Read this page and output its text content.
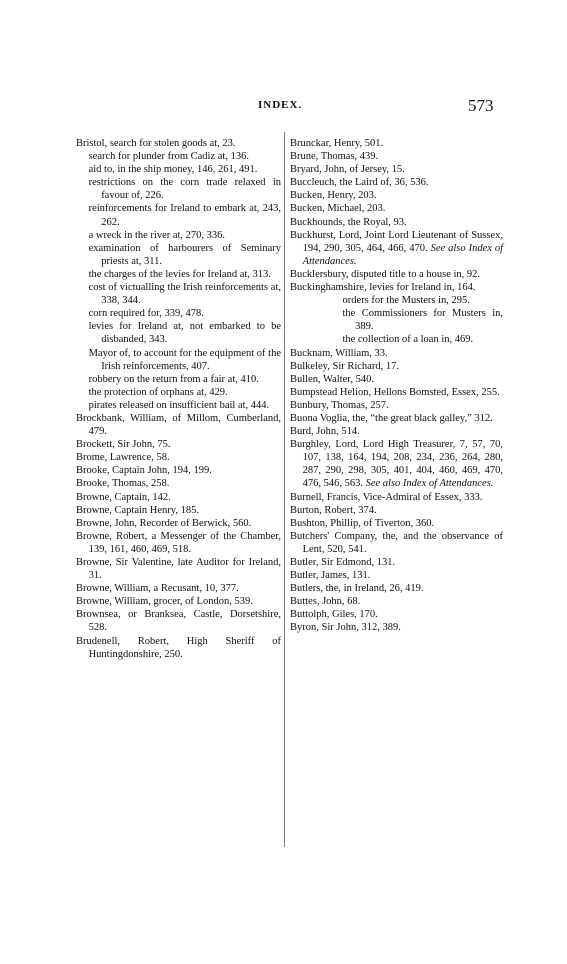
INDEX.	573
Bristol, search for stolen goods at, 23.
search for plunder from Cadiz at, 136.
aid to, in the ship money, 146, 261, 491.
restrictions on the corn trade relaxed in favour of, 226.
reinforcements for Ireland to embark at, 243, 262.
a wreck in the river at, 270, 336.
examination of harbourers of Seminary priests at, 311.
the charges of the levies for Ireland at, 313.
cost of victualling the Irish reinforcements at, 338, 344.
corn required for, 339, 478.
levies for Ireland at, not embarked to be disbanded, 343.
Mayor of, to account for the equipment of the Irish reinforcements, 407.
robbery on the return from a fair at, 410.
the protection of orphans at, 429.
pirates released on insufficient bail at, 444.
Brockbank, William, of Millom, Cumberland, 479.
Brockett, Sir John, 75.
Brome, Lawrence, 58.
Brooke, Captain John, 194, 199.
Brooke, Thomas, 258.
Browne, Captain, 142.
Browne, Captain Henry, 185.
Browne, John, Recorder of Berwick, 560.
Browne, Robert, a Messenger of the Chamber, 139, 161, 460, 469, 518.
Browne, Sir Valentine, late Auditor for Ireland, 31.
Browne, William, a Recusant, 10, 377.
Browne, William, grocer, of London, 539.
Brownsea, or Branksea, Castle, Dorsetshire, 528.
Brudenell, Robert, High Sheriff of Huntingdonshire, 250.
Brunckar, Henry, 501.
Brune, Thomas, 439.
Bryard, John, of Jersey, 15.
Buccleuch, the Laird of, 36, 536.
Bucken, Henry, 203.
Bucken, Michael, 203.
Buckhounds, the Royal, 93.
Buckhurst, Lord, Joint Lord Lieutenant of Sussex, 194, 290, 305, 464, 466, 470. See also Index of Attendances.
Bucklersbury, disputed title to a house in, 92.
Buckinghamshire, levies for Ireland in, 164.
orders for the Musters in, 295.
the Commissioners for Musters in, 389.
the collection of a loan in, 469.
Bucknam, William, 33.
Bulkeley, Sir Richard, 17.
Bullen, Walter, 540.
Bumpstead Helion, Hellons Bomsted, Essex, 255.
Bunbury, Thomas, 257.
Buona Voglia, the, “the great black galley,” 312.
Burd, John, 514.
Burghley, Lord, Lord High Treasurer, 7, 57, 70, 107, 138, 164, 194, 208, 234, 236, 264, 280, 287, 290, 298, 305, 401, 404, 460, 469, 470, 476, 546, 563. See also Index of Attendances.
Burnell, Francis, Vice-Admiral of Essex, 333.
Burton, Robert, 374.
Bushton, Phillip, of Tiverton, 360.
Butchers' Company, the, and the observance of Lent, 520, 541.
Butler, Sir Edmond, 131.
Butler, James, 131.
Butlers, the, in Ireland, 26, 419.
Buttes, John, 68.
Buttolph, Giles, 170.
Byron, Sir John, 312, 389.
